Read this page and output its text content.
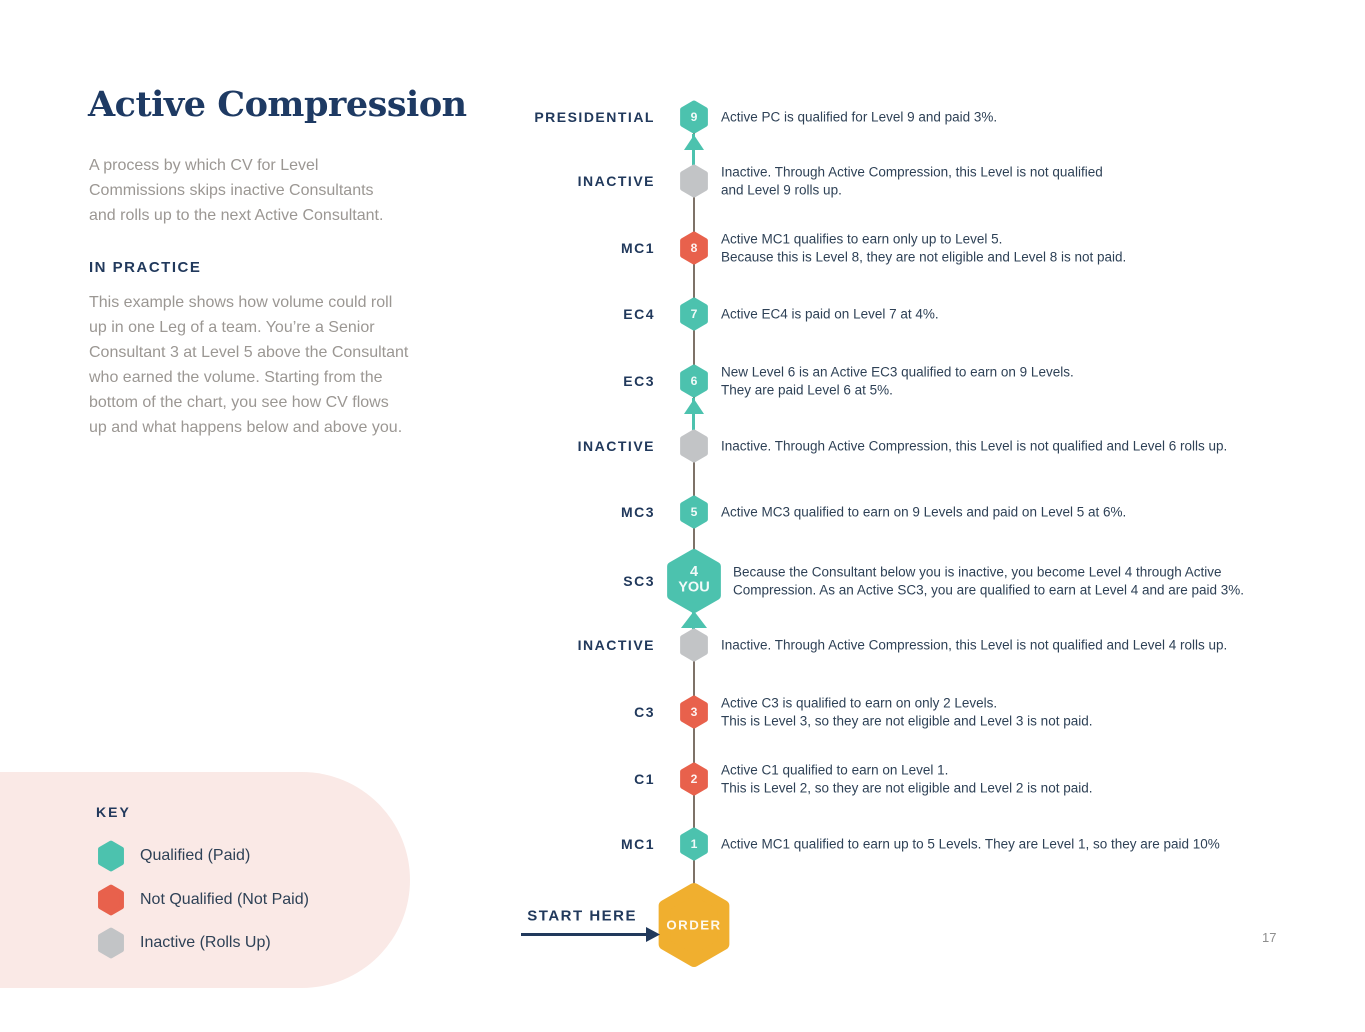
Active Compression
A process by which CV for Level
Commissions skips inactive Consultants
and rolls up to the next Active Consultant.
IN PRACTICE
This example shows how volume could roll
up in one Leg of a team. You’re a Senior
Consultant 3 at Level 5 above the Consultant
who earned the volume. Starting from the
bottom of the chart, you see how CV flows
up and what happens below and above you.
KEY
Qualified (Paid)
Not Qualified (Not Paid)
Inactive (Rolls Up)
PRESIDENTIAL 9 Active PC is qualified for Level 9 and paid 3%.
INACTIVE
Inactive. Through Active Compression, this Level is not qualified
and Level 9 rolls up.
MC1 8
Active MC1 qualifies to earn only up to Level 5.
Because this is Level 8, they are not eligible and Level 8 is not paid.
EC4 7 Active EC4 is paid on Level 7 at 4%.
EC3 6
New Level 6 is an Active EC3 qualified to earn on 9 Levels.
They are paid Level 6 at 5%.
INACTIVE	Inactive. Through Active Compression, this Level is not qualified and Level 6 rolls up.
MC3 5 Active MC3 qualified to earn on 9 Levels and paid on Level 5 at 6%.
SC3
4
YOU
Because the Consultant below you is inactive, you become Level 4 through Active
Compression. As an Active SC3, you are qualified to earn at Level 4 and are paid 3%.
INACTIVE	Inactive. Through Active Compression, this Level is not qualified and Level 4 rolls up.
C3 3
Active C3 is qualified to earn on only 2 Levels.
This is Level 3, so they are not eligible and Level 3 is not paid.
C1 2
Active C1 qualified to earn on Level 1.
This is Level 2, so they are not eligible and Level 2 is not paid.
MC1 1 Active MC1 qualified to earn up to 5 Levels. They are Level 1, so they are paid 10%
ORDER
START HERE
17
